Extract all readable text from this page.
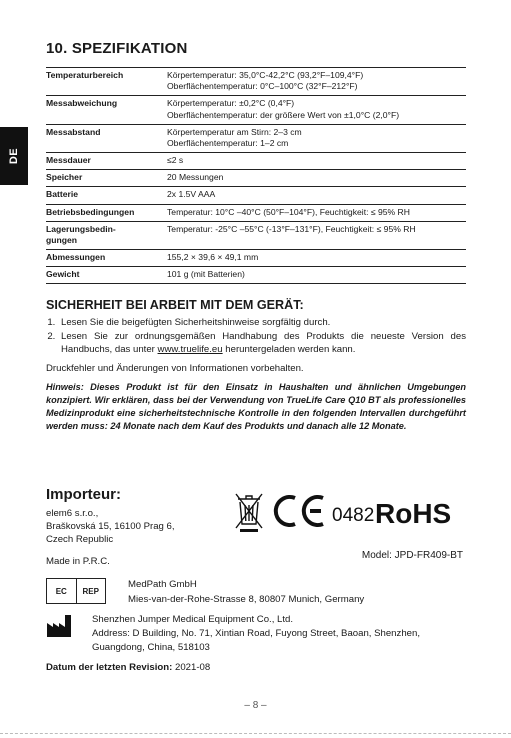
DE
10. SPEZIFIKATION
Temperaturbereich	Körpertemperatur: 35,0°C-42,2°C (93,2°F–109,4°F)
Oberflächentemperatur: 0°C–100°C (32°F–212°F)

Messabweichung	Körpertemperatur: ±0,2°C (0,4°F)
Oberflächentemperatur: der größere Wert von ±1,0°C (2,0°F)

Messabstand	Körpertemperatur am Stirn: 2–3 cm
Oberflächentemperatur: 1–2 cm

Messdauer	≤2 s

Speicher	20 Messungen

Batterie	2x 1.5V AAA

Betriebsbedingungen	Temperatur: 10°C –40°C (50°F–104°F), Feuchtigkeit: ≤ 95% RH

Lagerungsbedin-
gungen	Temperatur: -25°C –55°C (-13°F–131°F), Feuchtigkeit: ≤ 95% RH

Abmessungen	155,2 × 39,6 × 49,1 mm

Gewicht	101 g (mit Batterien)
SICHERHEIT BEI ARBEIT MIT DEM GERÄT:
1. Lesen Sie die beigefügten Sicherheitshinweise sorgfältig durch.
2. Lesen Sie zur ordnungsgemäßen Handhabung des Produkts die neueste Version des Handbuchs, das unter www.truelife.eu heruntergeladen werden kann.

Druckfehler und Änderungen von Informationen vorbehalten.

Hinweis: Dieses Produkt ist für den Einsatz in Haushalten und ähnlichen Umgebungen konzipiert. Wir erklären, dass bei der Verwendung von TrueLife Care Q10 BT als professionelles Medizinprodukt eine sicherheitstechnische Kontrolle in den folgenden Intervallen durchgeführt werden muss: 24 Monate nach dem Kauf des Produkts und danach alle 12 Monate.

Importeur:
elem6 s.r.o.,
Braškovská 15, 16100 Prag 6,
Czech Republic
Made in P.R.C.
0482 RoHS
Model: JPD-FR409-BT
EC	REP
MedPath GmbH
Mies-van-der-Rohe-Strasse 8, 80807 Munich, Germany
Shenzhen Jumper Medical Equipment Co., Ltd.
Address: D Building, No. 71, Xintian Road, Fuyong Street, Baoan, Shenzhen, Guangdong, China, 518103
Datum der letzten Revision: 2021-08
– 8 –
